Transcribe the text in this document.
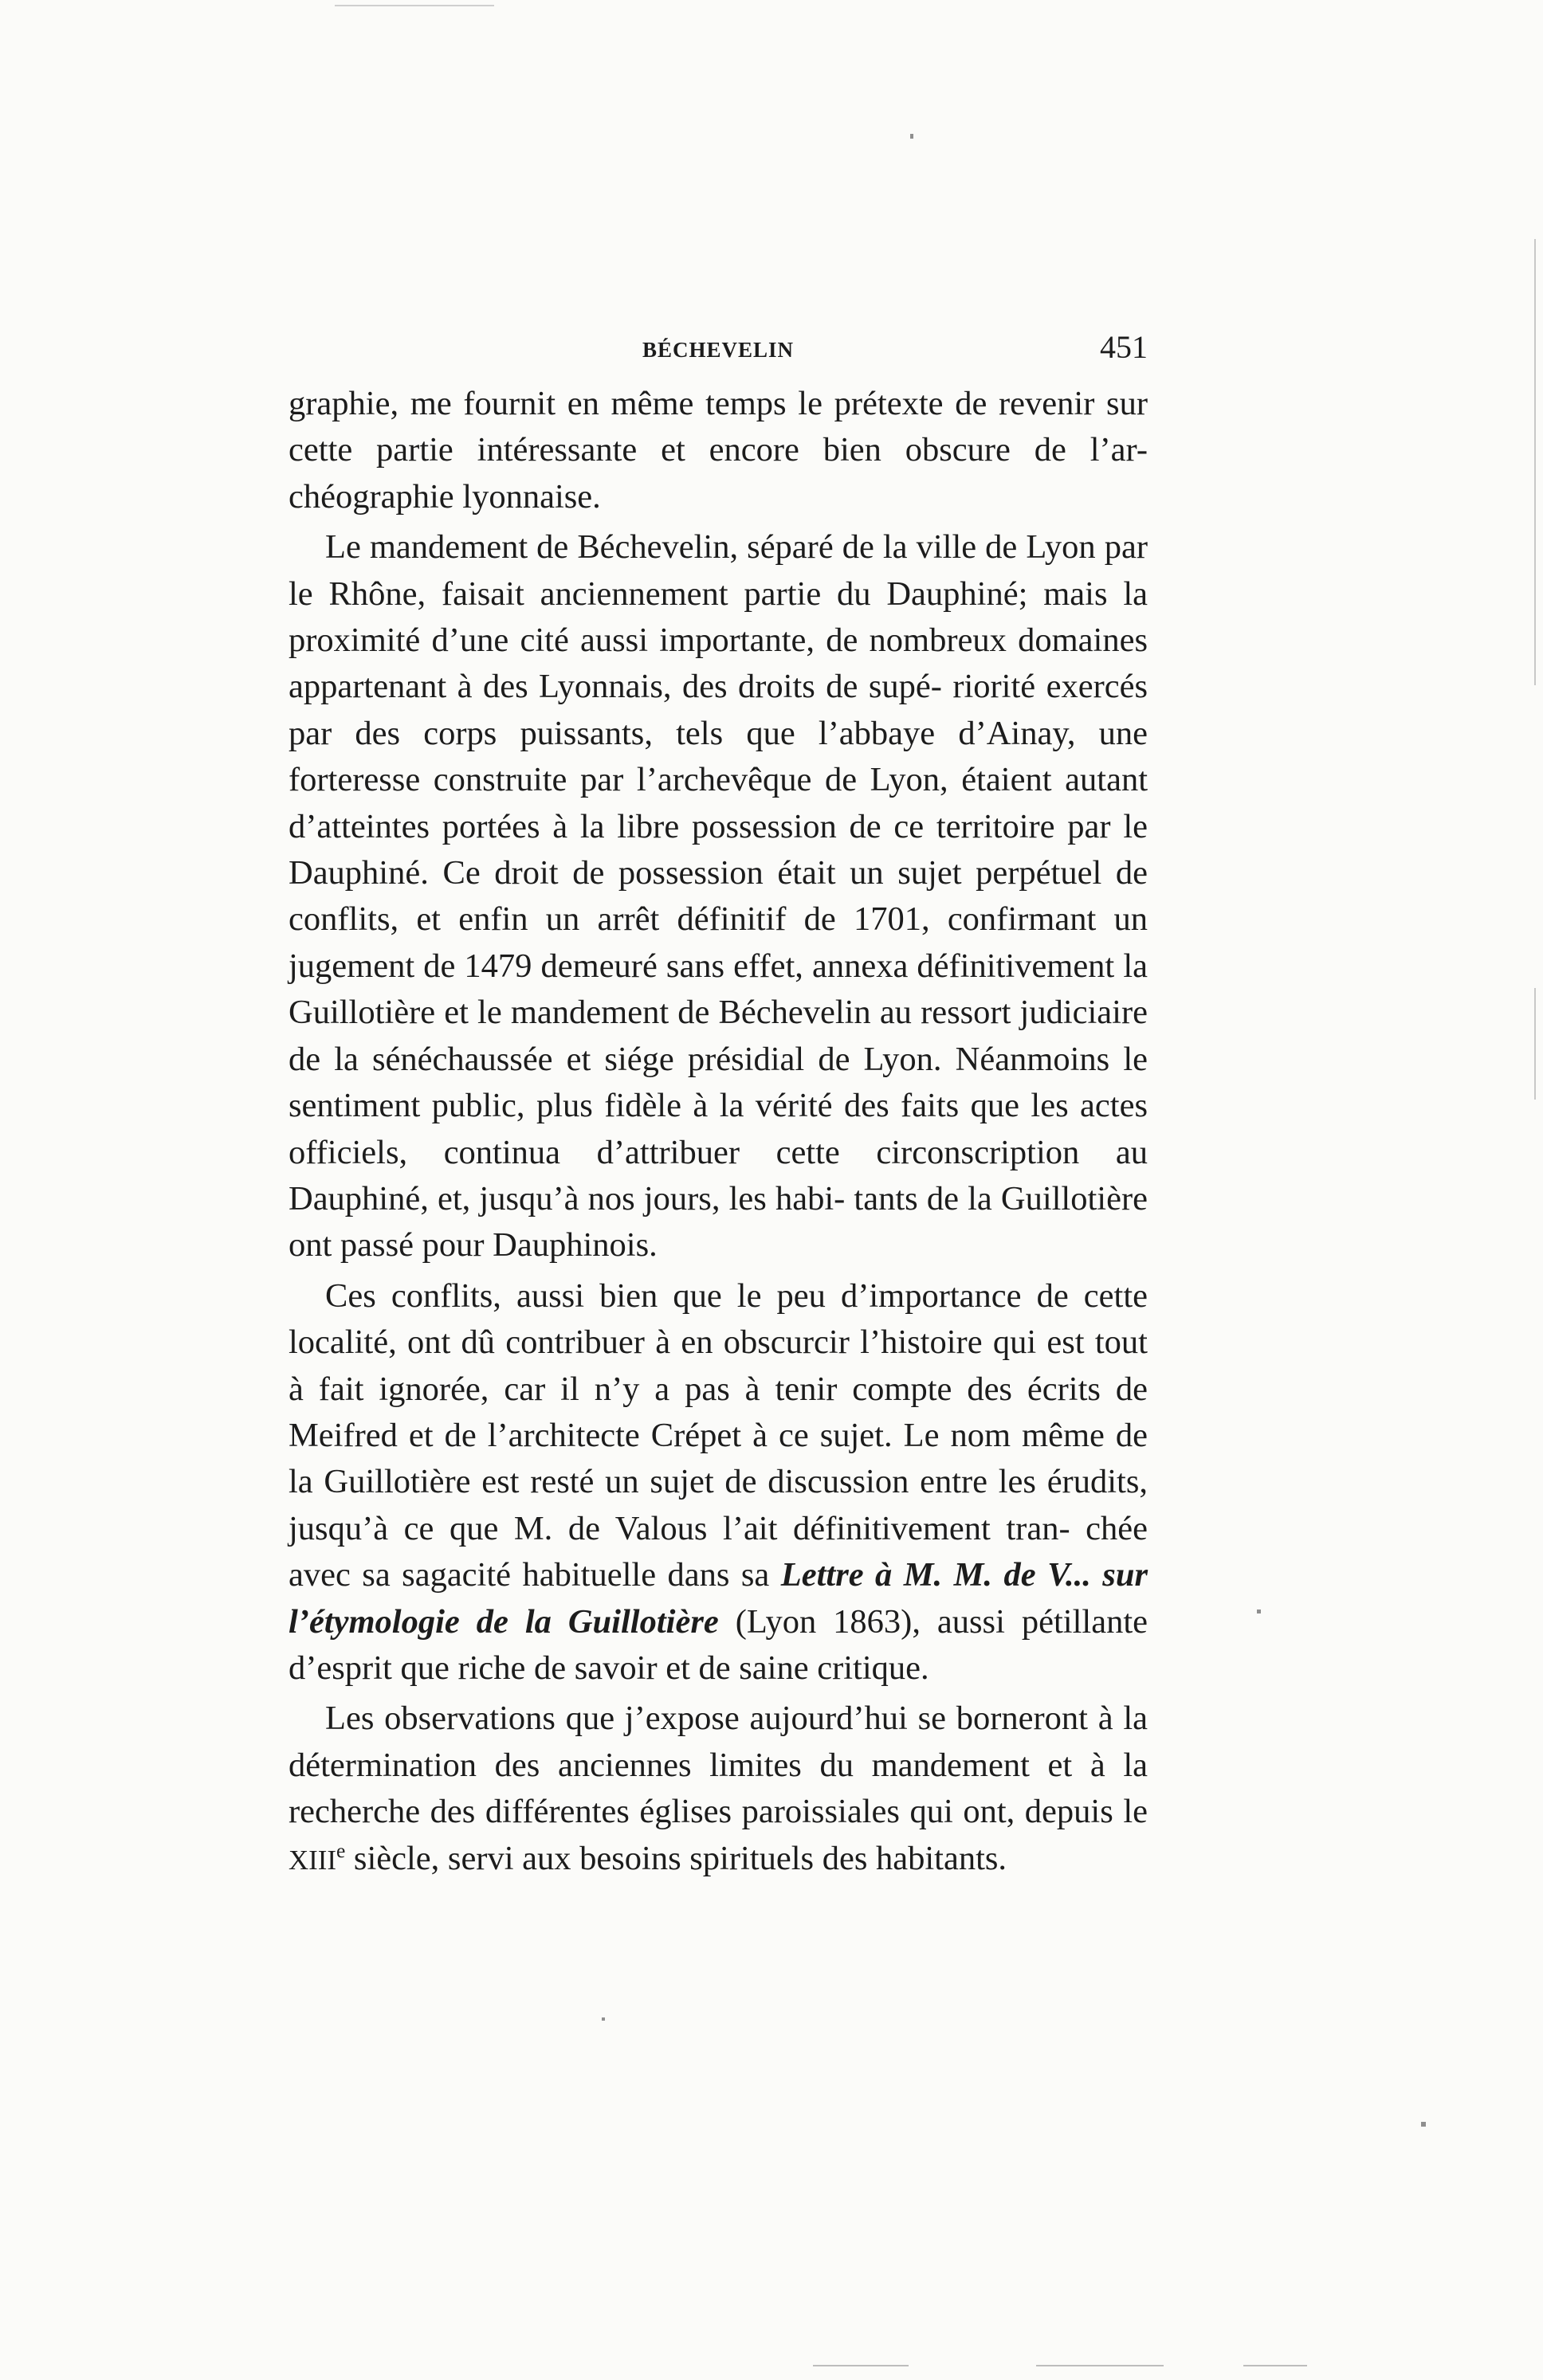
BÉCHEVELIN	451

graphie, me fournit en même temps le prétexte de revenir sur cette partie intéressante et encore bien obscure de l’ar- chéographie lyonnaise.

Le mandement de Béchevelin, séparé de la ville de Lyon par le Rhône, faisait anciennement partie du Dauphiné; mais la proximité d’une cité aussi importante, de nombreux domaines appartenant à des Lyonnais, des droits de supé- riorité exercés par des corps puissants, tels que l’abbaye d’Ainay, une forteresse construite par l’archevêque de Lyon, étaient autant d’atteintes portées à la libre possession de ce territoire par le Dauphiné. Ce droit de possession était un sujet perpétuel de conflits, et enfin un arrêt définitif de 1701, confirmant un jugement de 1479 demeuré sans effet, annexa définitivement la Guillotière et le mandement de Béchevelin au ressort judiciaire de la sénéchaussée et siége présidial de Lyon. Néanmoins le sentiment public, plus fidèle à la vérité des faits que les actes officiels, continua d’attribuer cette circonscription au Dauphiné, et, jusqu’à nos jours, les habi- tants de la Guillotière ont passé pour Dauphinois.

Ces conflits, aussi bien que le peu d’importance de cette localité, ont dû contribuer à en obscurcir l’histoire qui est tout à fait ignorée, car il n’y a pas à tenir compte des écrits de Meifred et de l’architecte Crépet à ce sujet. Le nom même de la Guillotière est resté un sujet de discussion entre les érudits, jusqu’à ce que M. de Valous l’ait définitivement tran- chée avec sa sagacité habituelle dans sa Lettre à M. M. de V... sur l’étymologie de la Guillotière (Lyon 1863), aussi pétillante d’esprit que riche de savoir et de saine critique.

Les observations que j’expose aujourd’hui se borneront à la détermination des anciennes limites du mandement et à la recherche des différentes églises paroissiales qui ont, depuis le XIIIe siècle, servi aux besoins spirituels des habitants.
